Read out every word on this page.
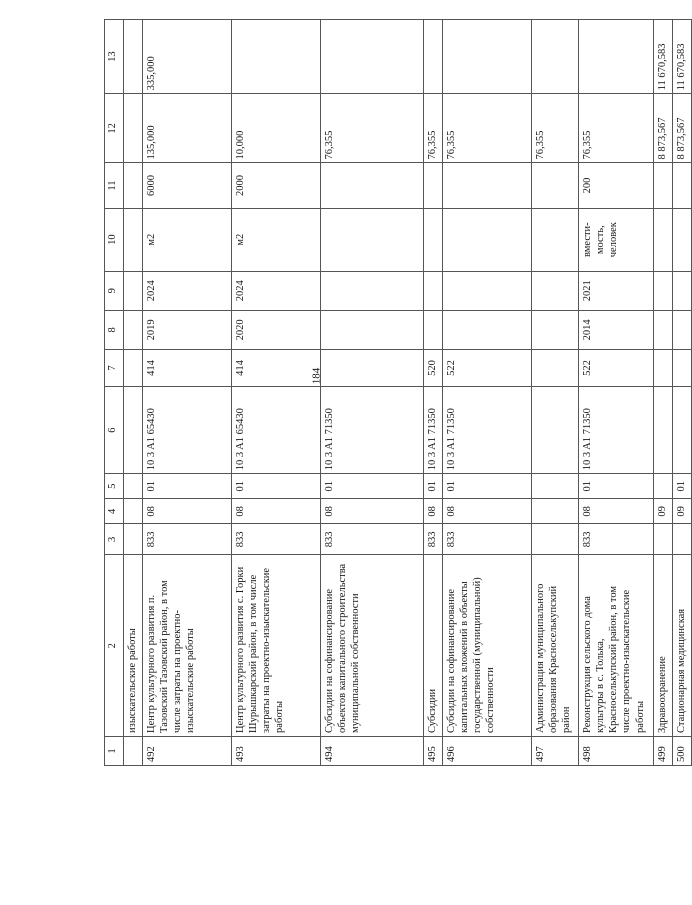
184
1	2	3	4	5	6	7	8	9	10	11	12	13
	изыскательские работы											
492	Центр культурного развития п. Тазовский Тазовский район, в том числе затраты на проектно-изыскательские работы	833	08	01	10 3 A1 65430	414	2019	2024	м2	6000	135,000	335,000
493	Центр культурного развития с. Горки Шурышкарский район, в том числе затраты на проектно-изыскательские работы	833	08	01	10 3 A1 65430	414	2020	2024	м2	2000	10,000	
494	Субсидии на софинансирование объектов капитального строительства муниципальной собственности	833	08	01	10 3 A1 71350						76,355	
495	Субсидии	833	08	01	10 3 A1 71350	520					76,355	
496	Субсидии на софинансирование капитальных вложений в объекты государственной (муниципальной) собственности	833	08	01	10 3 A1 71350	522					76,355	
497	Администрация муниципального образования Красноселькупский район										76,355	
498	Реконструкция сельского дома культуры в с. Толька, Красноселькупский район, в том числе проектно-изыскательские работы	833	08	01	10 3 A1 71350	522	2014	2021	вмести-мость, человек	200	76,355	
499	Здравоохранение		09								8 873,567	11 670,583
500	Стационарная медицинская		09	01							8 873,567	11 670,583
